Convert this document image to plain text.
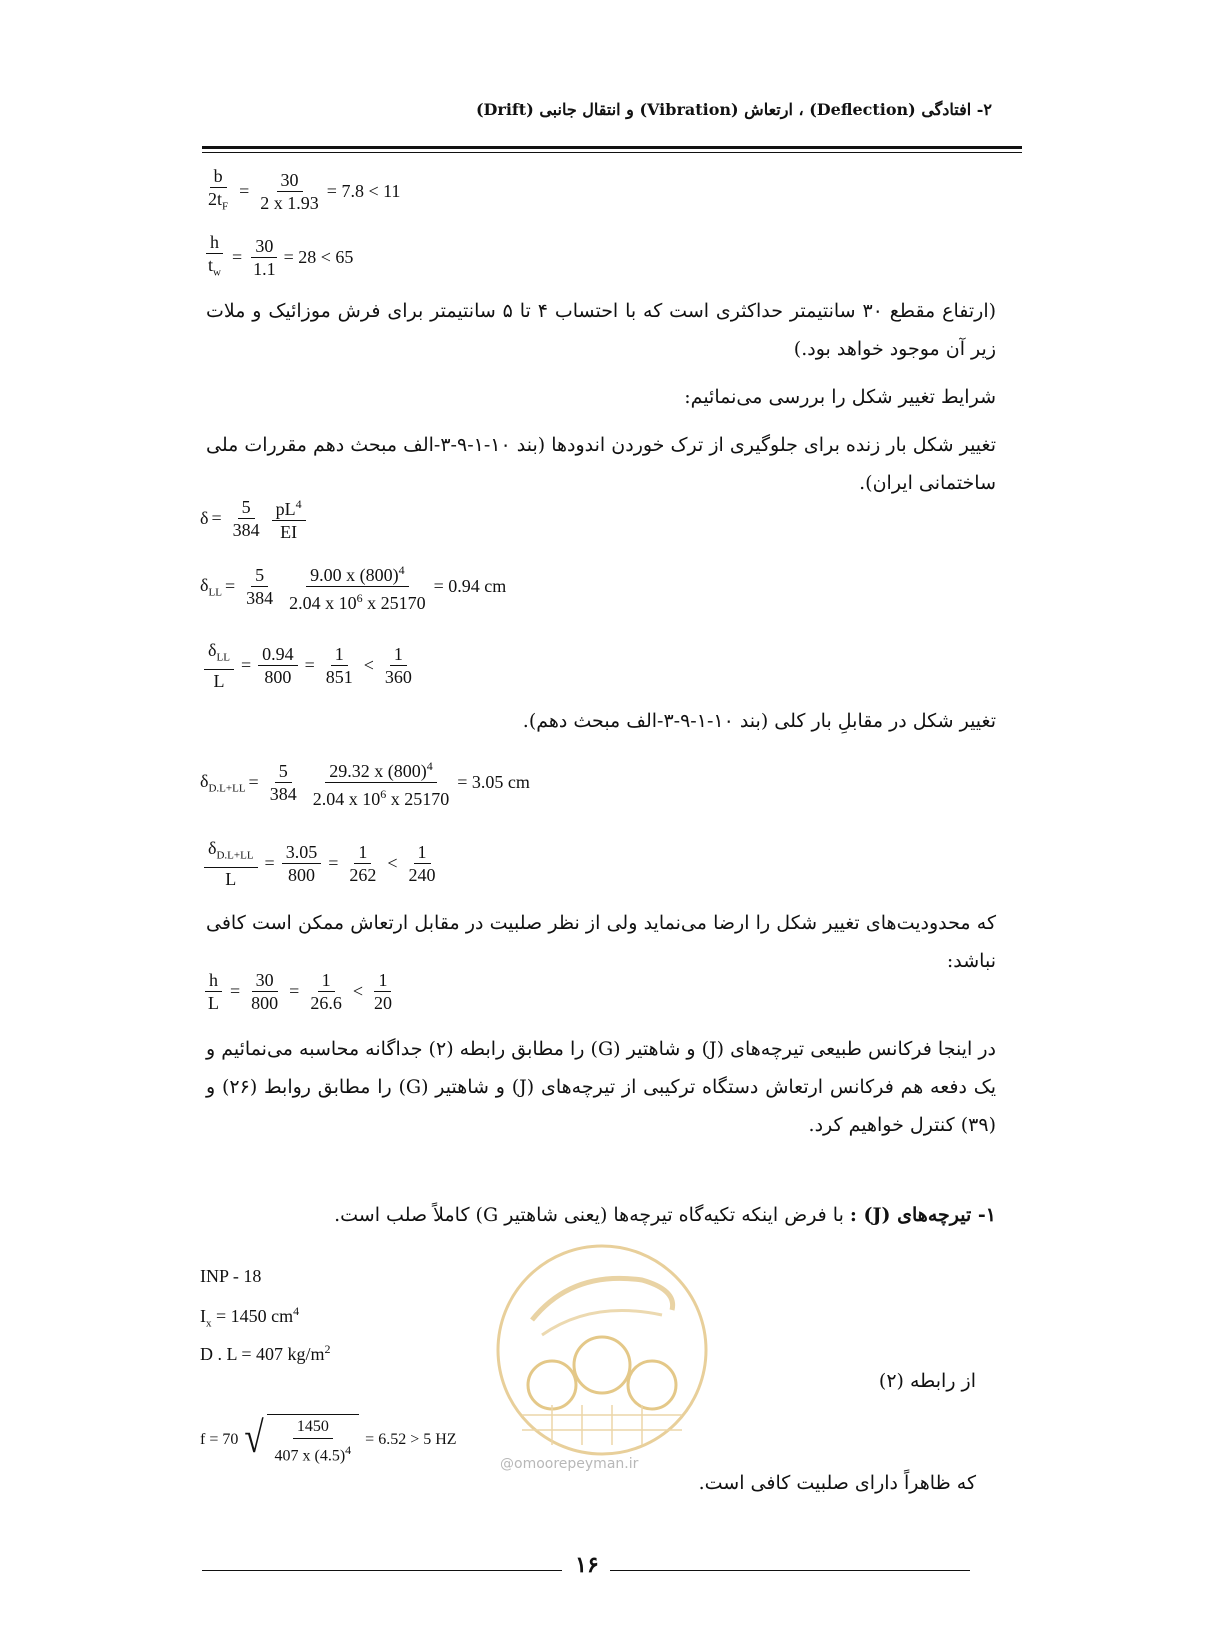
۲- افتادگی (Deflection) ، ارتعاش (Vibration) و انتقال جانبی (Drift)
$\frac{b}{2t_F} = \frac{30}{2 x 1.93} = 7.8 < 11$
$\frac{h}{t_w} = \frac{30}{1.1} = 28 < 65$
(ارتفاع مقطع ۳۰ سانتیمتر حداکثری است که با احتساب ۴ تا ۵ سانتیمتر برای فرش موزائیک و ملات زیر آن موجود خواهد بود.)
شرایط تغییر شکل را بررسی می‌نمائیم:
تغییر شکل بار زنده برای جلوگیری از ترک خوردن اندودها (بند ۱۰-۱-۹-۳-الف مبحث دهم مقررات ملی ساختمانی ایران).
$\delta = \frac{5}{384} \frac{pL^4}{EI}$
$\delta_{LL} = \frac{5}{384} \frac{9.00 x (800)^4}{2.04 x 10^6 x 25170} = 0.94$ cm
$\frac{\delta_{LL}}{L} = \frac{0.94}{800} = \frac{1}{851} < \frac{1}{360}$
تغییر شکل در مقابلِ بار کلی (بند ۱۰-۱-۹-۳-الف مبحث دهم).
$\delta_{D.L+LL} = \frac{5}{384} \frac{29.32 x (800)^4}{2.04 x 10^6 x 25170} = 3.05$ cm
$\frac{\delta_{D.L+LL}}{L} = \frac{3.05}{800} = \frac{1}{262} < \frac{1}{240}$
که محدودیت‌های تغییر شکل را ارضا می‌نماید ولی از نظر صلبیت در مقابل ارتعاش ممکن است کافی نباشد:
$\frac{h}{L} = \frac{30}{800} = \frac{1}{26.6} < \frac{1}{20}$
در اینجا فرکانس طبیعی تیرچه‌های (J) و شاهتیر (G) را مطابق رابطه (۲) جداگانه محاسبه می‌نمائیم و یک دفعه هم فرکانس ارتعاش دستگاه ترکیبی از تیرچه‌های (J) و شاهتیر (G) را مطابق روابط (۲۶) و (۳۹) کنترل خواهیم کرد.
۱- تیرچه‌های (J) : با فرض اینکه تکیه‌گاه تیرچه‌ها (یعنی شاهتیر G) کاملاً صلب است.
INP - 18
$I_x = 1450$ $cm^4$
D . L = 407 $kg/m^2$
از رابطه (۲)
f = 70 √ $\frac{1450}{407 x (4.5)^4} = 6.52 > 5$ HZ
@omoorepeyman.ir
که ظاهراً دارای صلبیت کافی است.
۱۶
